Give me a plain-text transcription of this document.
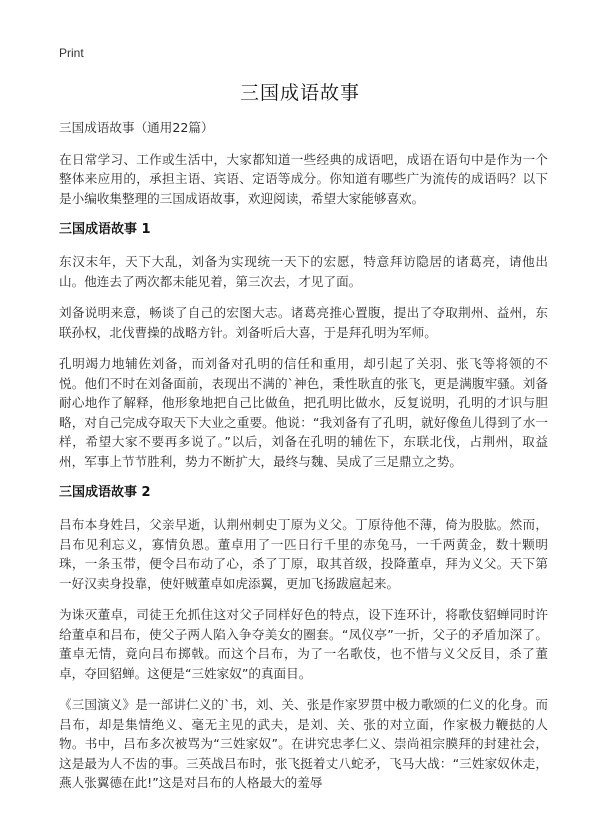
Print
三国成语故事

三国成语故事（通用22篇）

在日常学习、工作或生活中，大家都知道一些经典的成语吧，成语在语句中是作为一个整体来应用的，承担主语、宾语、定语等成分。你知道有哪些广为流传的成语吗？以下是小编收集整理的三国成语故事，欢迎阅读，希望大家能够喜欢。

三国成语故事 1

东汉末年，天下大乱，刘备为实现统一天下的宏愿，特意拜访隐居的诸葛亮，请他出山。他连去了两次都未能见着，第三次去，才见了面。

刘备说明来意，畅谈了自己的宏图大志。诸葛亮推心置腹，提出了夺取荆州、益州，东联孙权，北伐曹操的战略方针。刘备听后大喜，于是拜孔明为军师。

孔明竭力地辅佐刘备，而刘备对孔明的信任和重用，却引起了关羽、张飞等将领的不悦。他们不时在刘备面前，表现出不满的`神色，秉性耿直的张飞，更是满腹牢骚。刘备耐心地作了解释，他形象地把自己比做鱼，把孔明比做水，反复说明，孔明的才识与胆略，对自己完成夺取天下大业之重要。他说：“我刘备有了孔明，就好像鱼儿得到了水一样，希望大家不要再多说了。”以后，刘备在孔明的辅佐下，东联北伐，占荆州，取益州，军事上节节胜利，势力不断扩大，最终与魏、吴成了三足鼎立之势。

三国成语故事 2

吕布本身姓吕，父亲早逝，认荆州刺史丁原为义父。丁原待他不薄，倚为股肱。然而，吕布见利忘义，寡情负恩。董卓用了一匹日行千里的赤兔马，一千两黄金，数十颗明珠，一条玉带，便令吕布动了心，杀了丁原，取其首级，投降董卓，拜为义父。天下第一好汉卖身投靠，使奸贼董卓如虎添翼，更加飞扬跋扈起来。

为诛灭董卓，司徒王允抓住这对父子同样好色的特点，设下连环计，将歌伎貂蝉同时许给董卓和吕布，使父子两人陷入争夺美女的圈套。“凤仪亭”一折，父子的矛盾加深了。董卓无情，竟向吕布掷戟。而这个吕布，为了一名歌伎，也不惜与义父反目，杀了董卓，夺回貂蝉。这便是“三姓家奴”的真面目。

《三国演义》是一部讲仁义的`书，刘、关、张是作家罗贯中极力歌颂的仁义的化身。而吕布，却是集情绝义、毫无主见的武夫，是刘、关、张的对立面，作家极力鞭挞的人物。书中，吕布多次被骂为“三姓家奴”。在讲究忠孝仁义、崇尚祖宗膜拜的封建社会，这是最为人不齿的事。三英战吕布时，张飞挺着丈八蛇矛，飞马大战：“三姓家奴休走，燕人张翼德在此!”这是对吕布的人格最大的羞辱
